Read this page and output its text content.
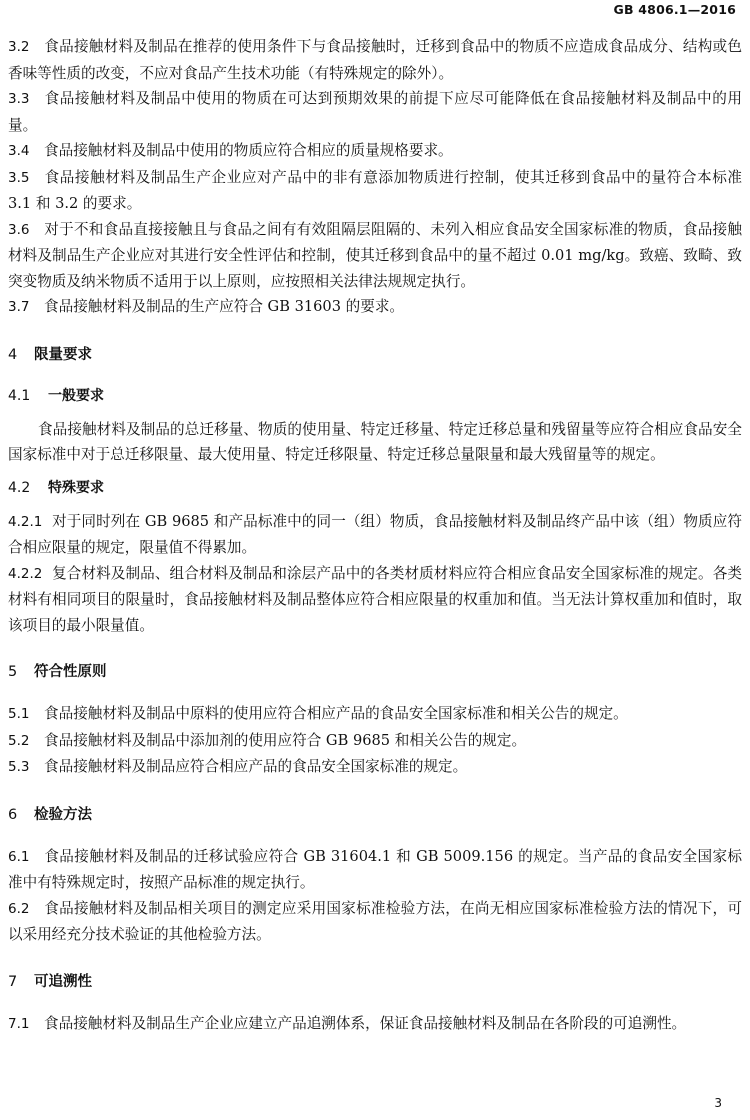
GB 4806.1—2016

3.2 食品接触材料及制品在推荐的使用条件下与食品接触时，迁移到食品中的物质不应造成食品成分、结构或色香味等性质的改变，不应对食品产生技术功能（有特殊规定的除外）。

3.3 食品接触材料及制品中使用的物质在可达到预期效果的前提下应尽可能降低在食品接触材料及制品中的用量。

3.4 食品接触材料及制品中使用的物质应符合相应的质量规格要求。

3.5 食品接触材料及制品生产企业应对产品中的非有意添加物质进行控制，使其迁移到食品中的量符合本标准 3.1 和 3.2 的要求。

3.6 对于不和食品直接接触且与食品之间有有效阻隔层阻隔的、未列入相应食品安全国家标准的物质，食品接触材料及制品生产企业应对其进行安全性评估和控制，使其迁移到食品中的量不超过 0.01 mg/kg。致癌、致畸、致突变物质及纳米物质不适用于以上原则，应按照相关法律法规规定执行。

3.7 食品接触材料及制品的生产应符合 GB 31603 的要求。

4 限量要求

4.1 一般要求

食品接触材料及制品的总迁移量、物质的使用量、特定迁移量、特定迁移总量和残留量等应符合相应食品安全国家标准中对于总迁移限量、最大使用量、特定迁移限量、特定迁移总量限量和最大残留量等的规定。

4.2 特殊要求

4.2.1 对于同时列在 GB 9685 和产品标准中的同一（组）物质，食品接触材料及制品终产品中该（组）物质应符合相应限量的规定，限量值不得累加。

4.2.2 复合材料及制品、组合材料及制品和涂层产品中的各类材质材料应符合相应食品安全国家标准的规定。各类材料有相同项目的限量时，食品接触材料及制品整体应符合相应限量的权重加和值。当无法计算权重加和值时，取该项目的最小限量值。

5 符合性原则

5.1 食品接触材料及制品中原料的使用应符合相应产品的食品安全国家标准和相关公告的规定。

5.2 食品接触材料及制品中添加剂的使用应符合 GB 9685 和相关公告的规定。

5.3 食品接触材料及制品应符合相应产品的食品安全国家标准的规定。

6 检验方法

6.1 食品接触材料及制品的迁移试验应符合 GB 31604.1 和 GB 5009.156 的规定。当产品的食品安全国家标准中有特殊规定时，按照产品标准的规定执行。

6.2 食品接触材料及制品相关项目的测定应采用国家标准检验方法，在尚无相应国家标准检验方法的情况下，可以采用经充分技术验证的其他检验方法。

7 可追溯性

7.1 食品接触材料及制品生产企业应建立产品追溯体系，保证食品接触材料及制品在各阶段的可追溯性。

3
